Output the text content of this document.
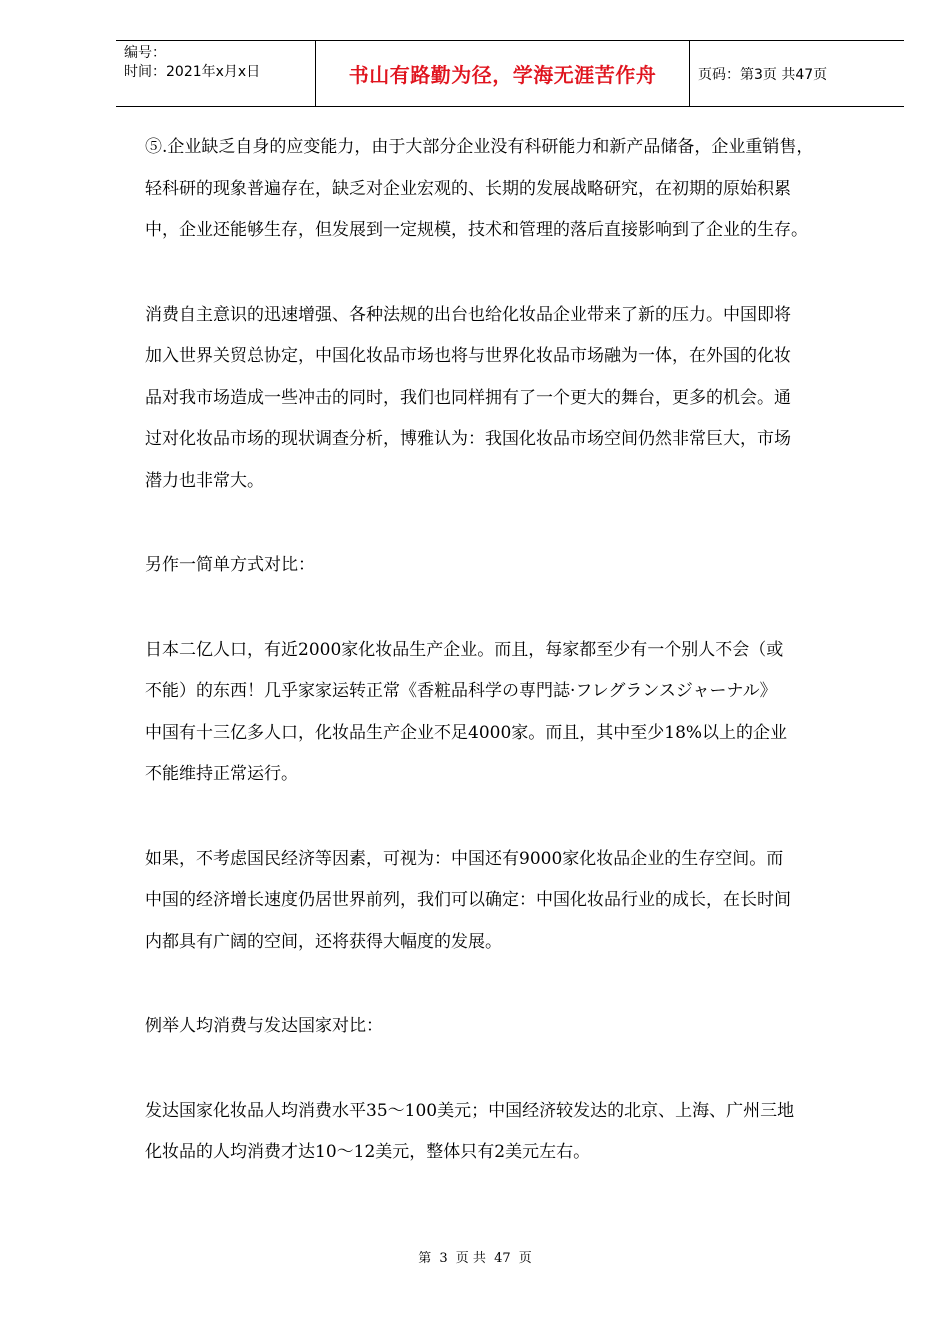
编号：
时间：2021年x月x日	书山有路勤为径，学海无涯苦作舟	页码：第3页 共47页

⑤.企业缺乏自身的应变能力，由于大部分企业没有科研能力和新产品储备，企业重销售，

轻科研的现象普遍存在，缺乏对企业宏观的、长期的发展战略研究，在初期的原始积累

中，企业还能够生存，但发展到一定规模，技术和管理的落后直接影响到了企业的生存。

消费自主意识的迅速增强、各种法规的出台也给化妆品企业带来了新的压力。中国即将

加入世界关贸总协定，中国化妆品市场也将与世界化妆品市场融为一体，在外国的化妆

品对我市场造成一些冲击的同时，我们也同样拥有了一个更大的舞台，更多的机会。通

过对化妆品市场的现状调查分析，博雅认为：我国化妆品市场空间仍然非常巨大，市场

潜力也非常大。

另作一简单方式对比：

日本二亿人口，有近2000家化妆品生产企业。而且，每家都至少有一个别人不会（或

不能）的东西！几乎家家运转正常《香粧品科学の専門誌·フレグランスジャーナル》

中国有十三亿多人口，化妆品生产企业不足4000家。而且，其中至少18%以上的企业

不能维持正常运行。

如果，不考虑国民经济等因素，可视为：中国还有9000家化妆品企业的生存空间。而

中国的经济增长速度仍居世界前列，我们可以确定：中国化妆品行业的成长，在长时间

内都具有广阔的空间，还将获得大幅度的发展。

例举人均消费与发达国家对比：

发达国家化妆品人均消费水平35～100美元；中国经济较发达的北京、上海、广州三地

化妆品的人均消费才达10～12美元，整体只有2美元左右。

第 3 页 共 47 页
